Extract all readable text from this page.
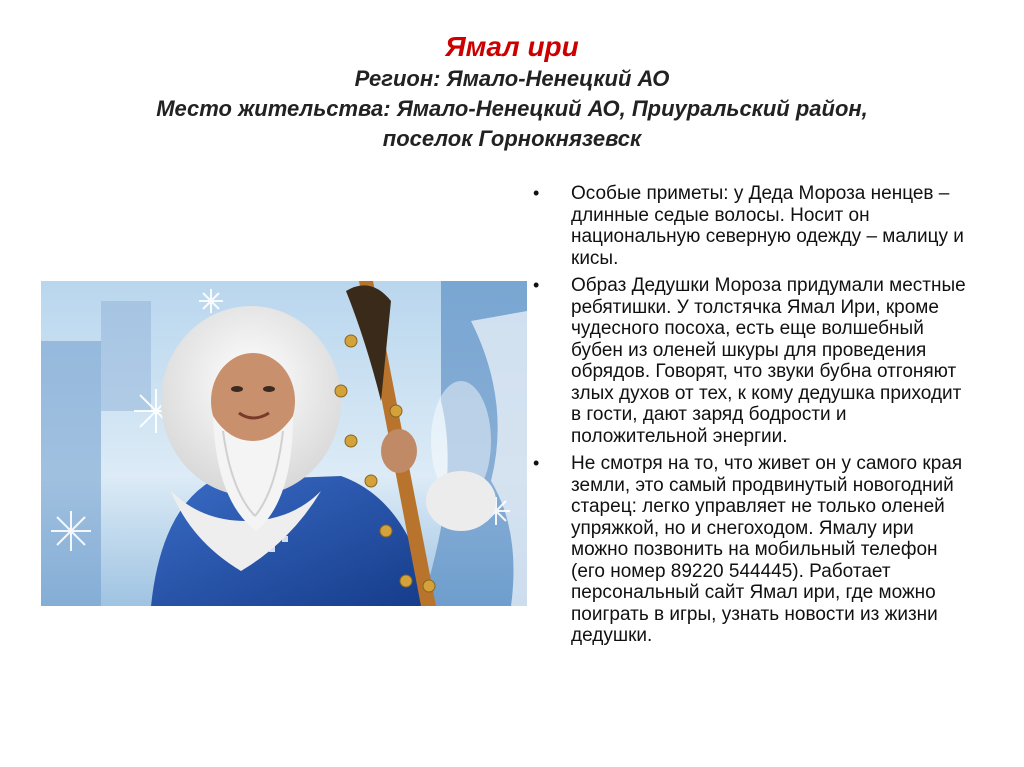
Ямал ири
Регион: Ямало-Ненецкий АО
Место жительства: Ямало-Ненецкий АО, Приуральский район,
поселок Горнокнязевск
• Особые приметы: у Деда Мороза ненцев – длинные седые волосы. Носит он национальную северную одежду – малицу и кисы.
• Образ Дедушки Мороза придумали местные ребятишки. У толстячка Ямал Ири, кроме чудесного посоха, есть еще волшебный бубен из оленей шкуры для проведения обрядов. Говорят, что звуки бубна отгоняют злых духов от тех, к кому дедушка приходит в гости, дают заряд бодрости и положительной энергии.
• Не смотря на то, что живет он у самого края земли, это самый продвинутый новогодний старец: легко управляет не только оленей упряжкой, но и снегоходом. Ямалу ири можно позвонить на мобильный телефон (его номер 89220 544445). Работает персональный сайт Ямал ири, где можно поиграть в игры, узнать новости из жизни дедушки.
